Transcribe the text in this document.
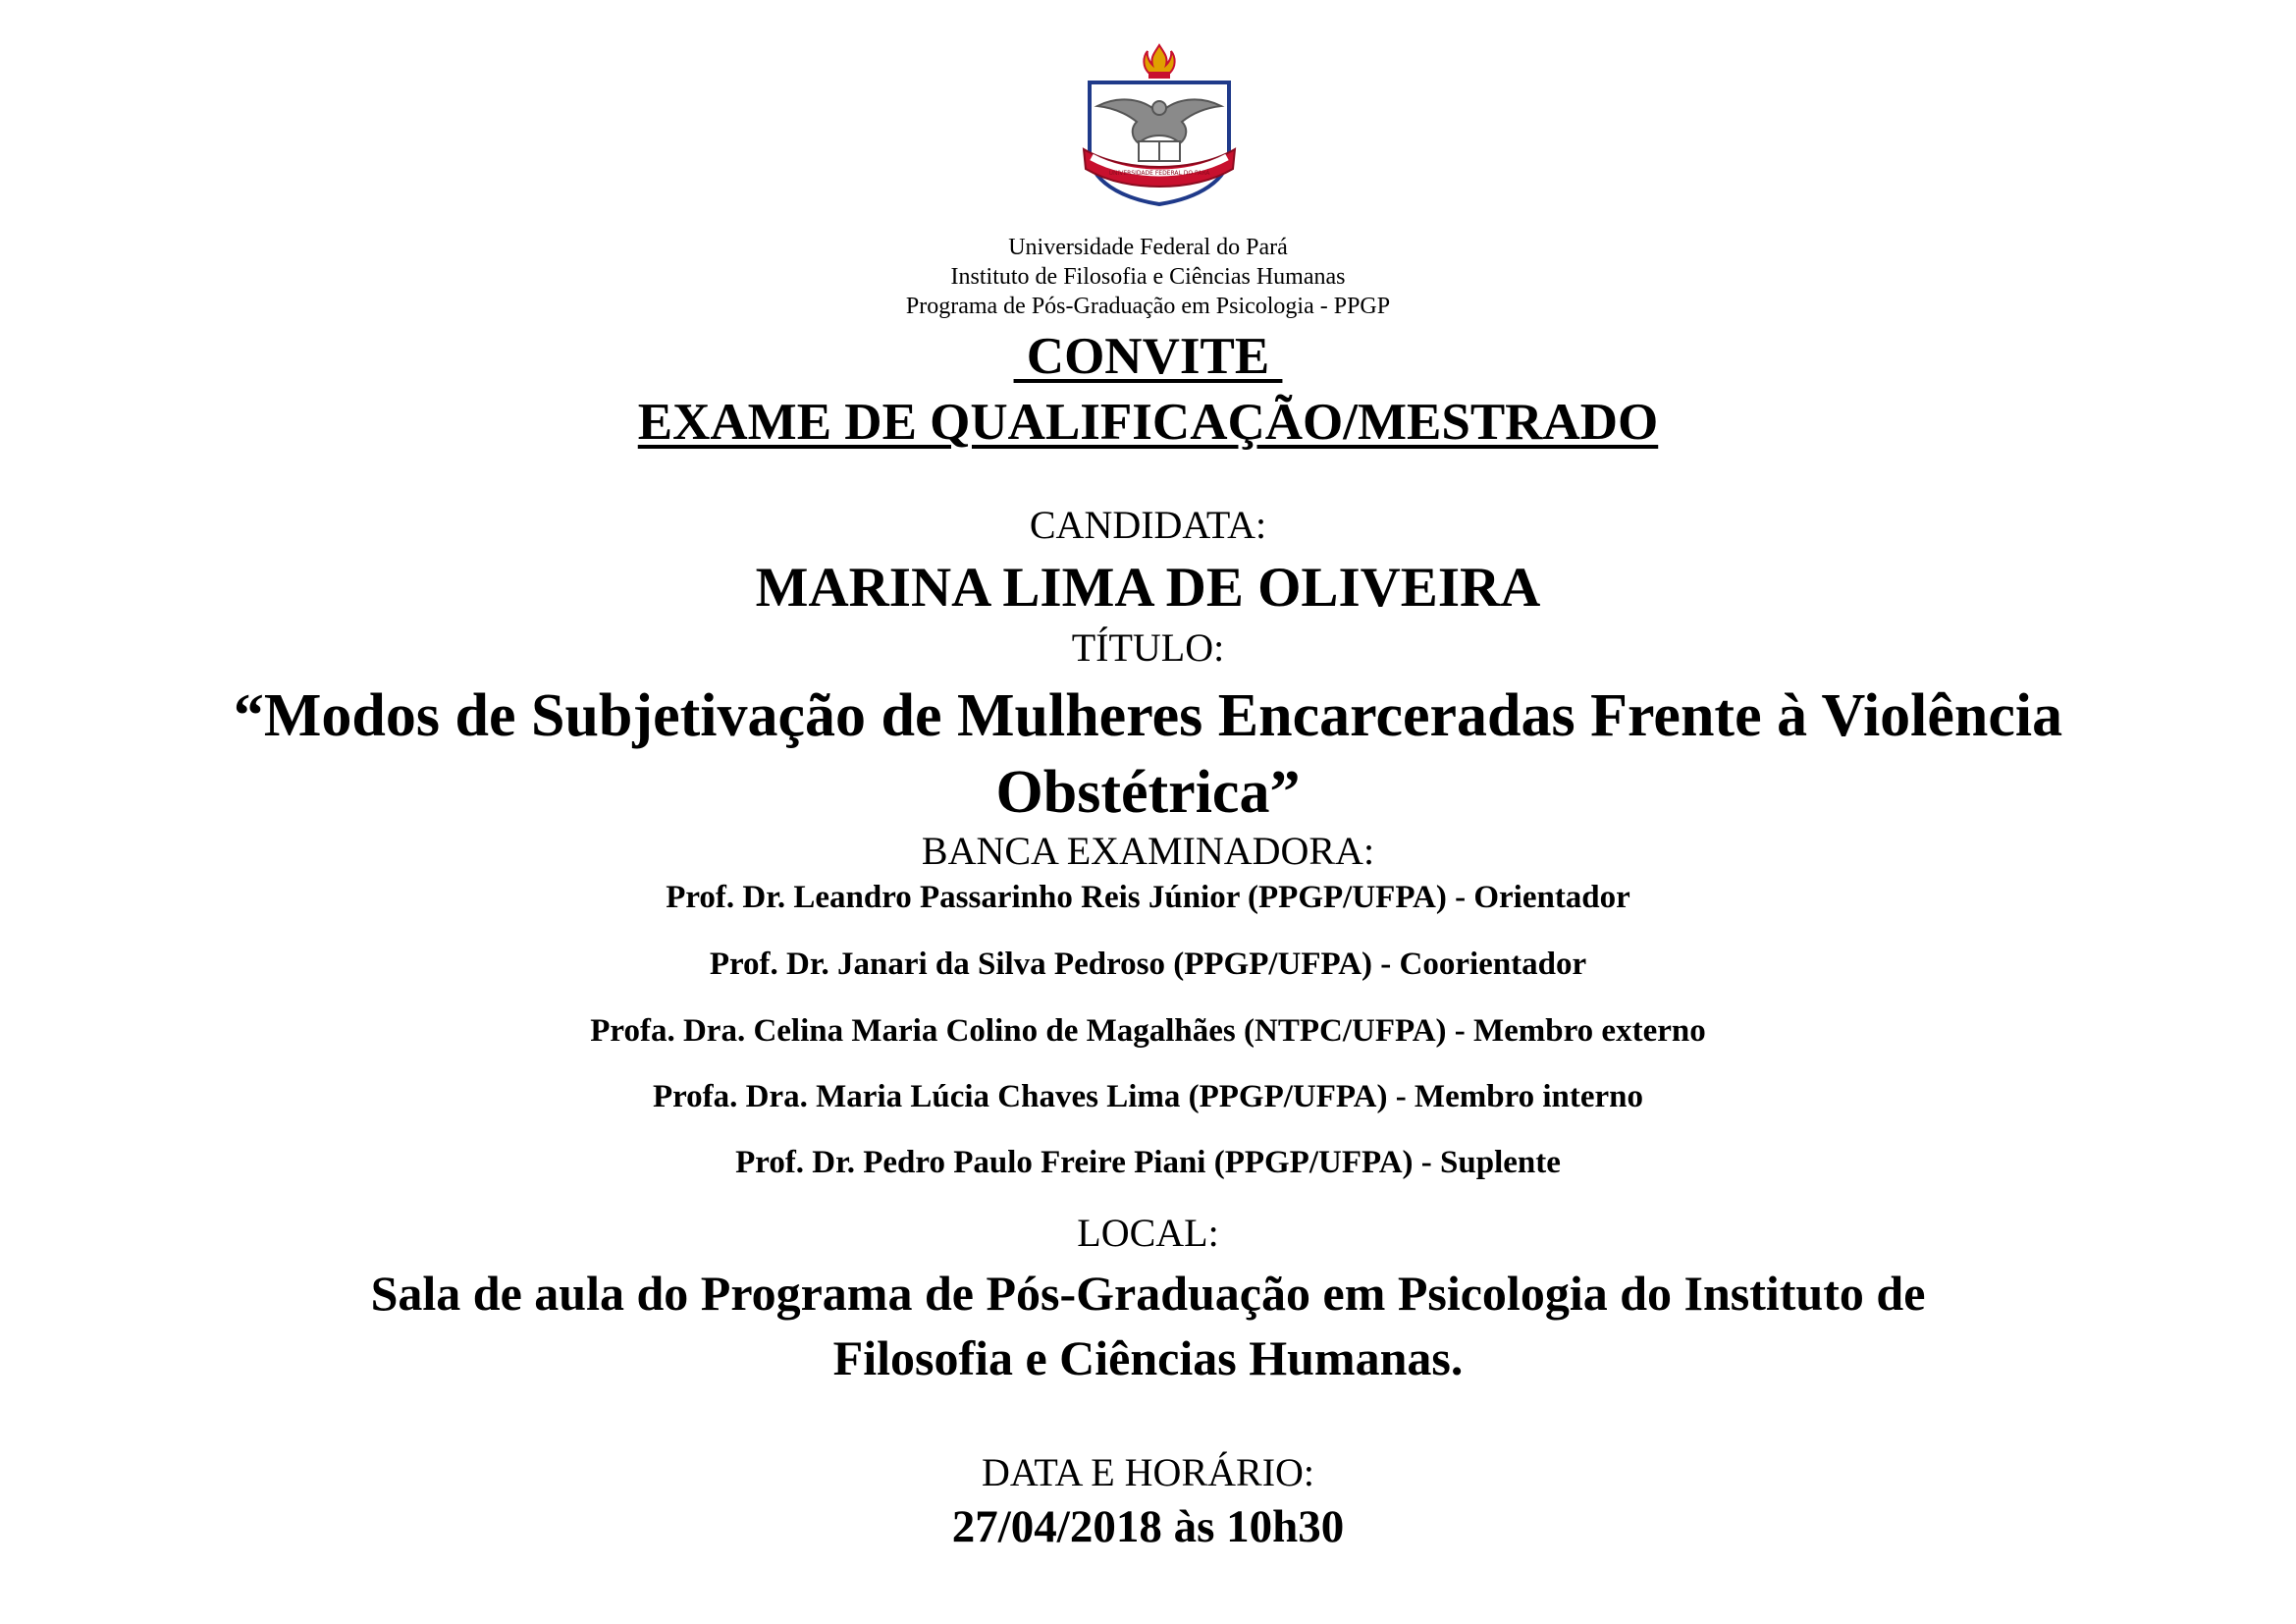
UNIVERSIDADE FEDERAL DO PARÁ
Universidade Federal do Pará
Instituto de Filosofia e Ciências Humanas
Programa de Pós-Graduação em Psicologia - PPGP
CONVITE
EXAME DE QUALIFICAÇÃO/MESTRADO
CANDIDATA:
MARINA LIMA DE OLIVEIRA
TÍTULO:
“Modos de Subjetivação de Mulheres Encarceradas Frente à Violência
Obstétrica”
BANCA EXAMINADORA:
Prof. Dr. Leandro Passarinho Reis Júnior (PPGP/UFPA) - Orientador
Prof. Dr. Janari da Silva Pedroso (PPGP/UFPA) - Coorientador
Profa. Dra. Celina Maria Colino de Magalhães (NTPC/UFPA) - Membro externo
Profa. Dra. Maria Lúcia Chaves Lima (PPGP/UFPA) - Membro interno
Prof. Dr. Pedro Paulo Freire Piani (PPGP/UFPA) - Suplente
LOCAL:
Sala de aula do Programa de Pós-Graduação em Psicologia do Instituto de
Filosofia e Ciências Humanas.
DATA E HORÁRIO:
27/04/2018 às 10h30
